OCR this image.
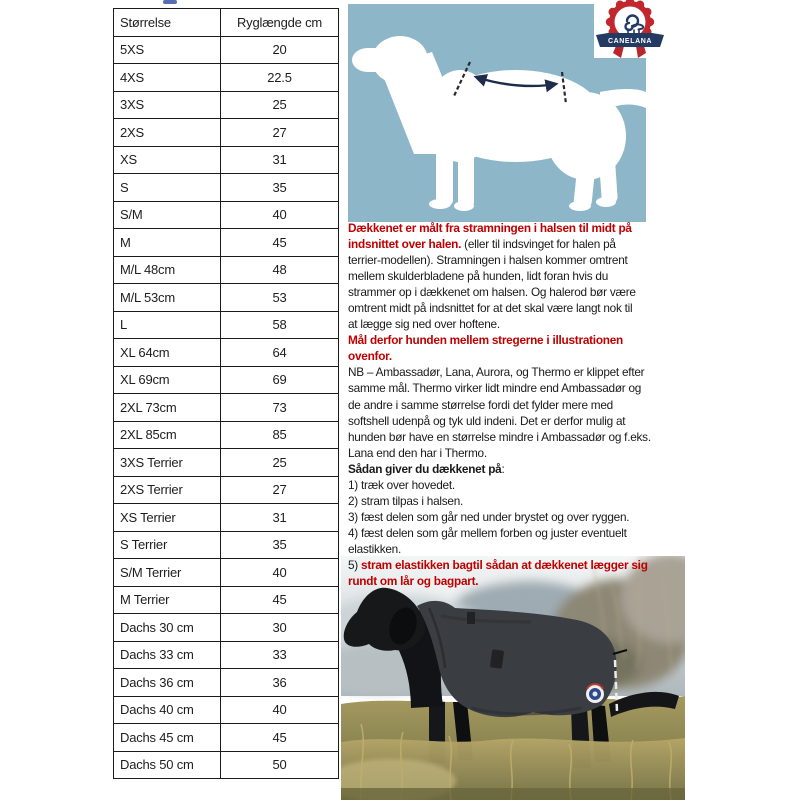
Størrelse	Ryglængde cm
5XS	20
4XS	22.5
3XS	25
2XS	27
XS	31
S	35
S/M	40
M	45
M/L 48cm	48
M/L 53cm	53
L	58
XL 64cm	64
XL 69cm	69
2XL 73cm	73
2XL 85cm	85
3XS Terrier	25
2XS Terrier	27
XS Terrier	31
S Terrier	35
S/M Terrier	40
M Terrier	45
Dachs 30 cm	30
Dachs 33 cm	33
Dachs 36 cm	36
Dachs 40 cm	40
Dachs 45 cm	45
Dachs 50 cm	50
CANELANA
Dækkenet er målt fra stramningen i halsen til midt på
indsnittet over halen. (eller til indsvinget for halen på
terrier-modellen). Stramningen i halsen kommer omtrent
mellem skulderbladene på hunden, lidt foran hvis du
strammer op i dækkenet om halsen. Og halerod bør være
omtrent midt på indsnittet for at det skal være langt nok til
at lægge sig ned over hoftene.
Mål derfor hunden mellem stregerne i illustrationen
ovenfor.
NB – Ambassadør, Lana, Aurora, og Thermo er klippet efter
samme mål. Thermo virker lidt mindre end Ambassadør og
de andre i samme størrelse fordi det fylder mere med
softshell udenpå og tyk uld indeni. Det er derfor mulig at
hunden bør have en størrelse mindre i Ambassadør og f.eks.
Lana end den har i Thermo.
Sådan giver du dækkenet på:
1) træk over hovedet.
2) stram tilpas i halsen.
3) fæst delen som går ned under brystet og over ryggen.
4) fæst delen som går mellem forben og juster eventuelt
elastikken.
5) stram elastikken bagtil sådan at dækkenet lægger sig
rundt om lår og bagpart.
